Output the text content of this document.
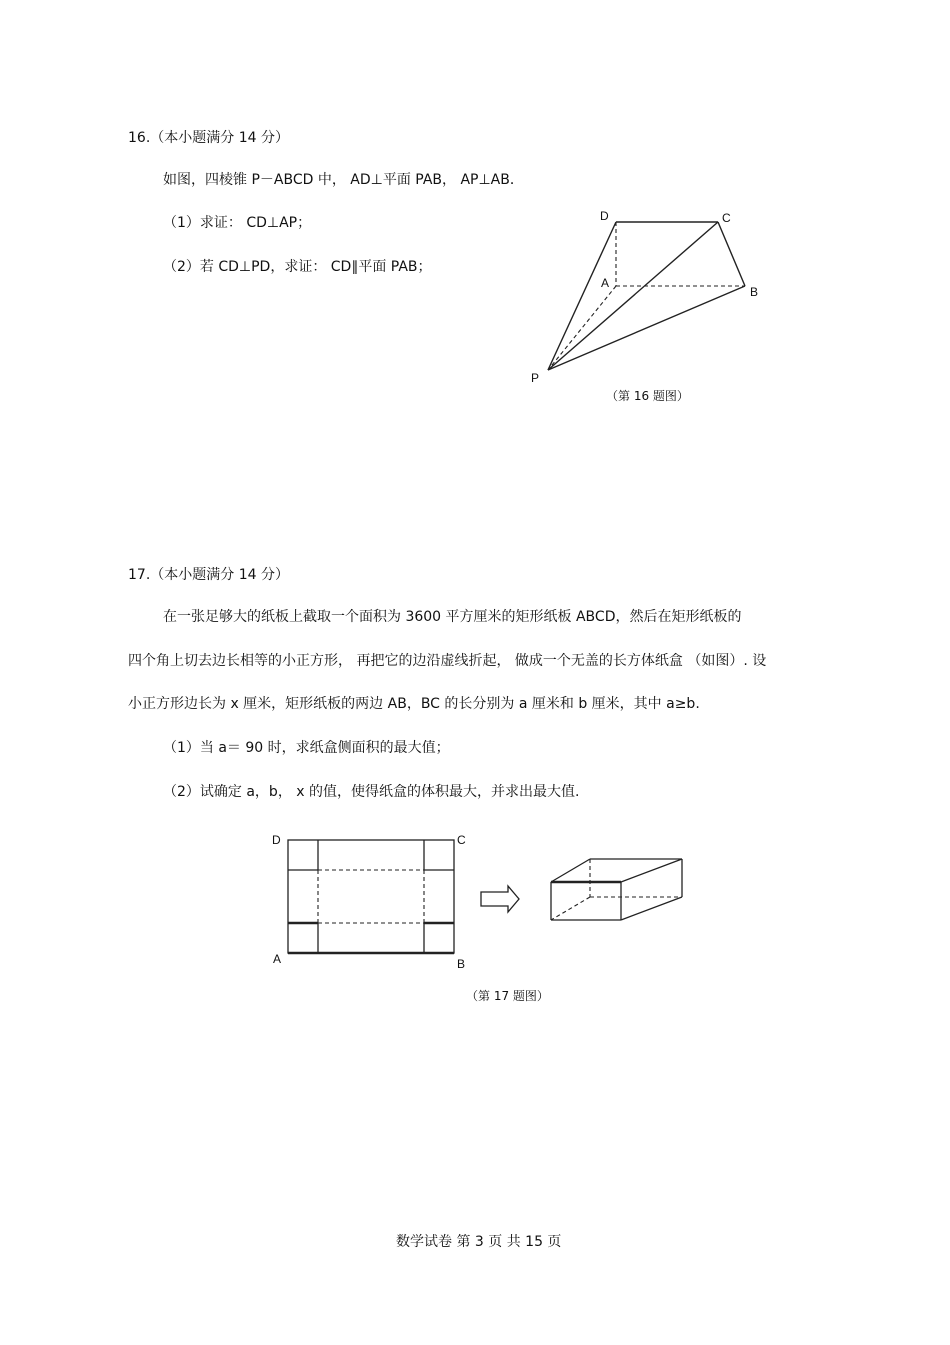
16.（本小题满分 14 分）
如图，四棱锥 P－ABCD 中， AD⊥平面 PAB， AP⊥AB．
（1）求证： CD⊥AP；
（2）若 CD⊥PD，求证： CD∥平面 PAB；
D	C
A
B
P
（第 16 题图）
17.（本小题满分 14 分）
在一张足够大的纸板上截取一个面积为 3600 平方厘米的矩形纸板 ABCD，然后在矩形纸板的
四个角上切去边长相等的小正方形， 再把它的边沿虚线折起， 做成一个无盖的长方体纸盒 （如图）. 设
小正方形边长为 x 厘米，矩形纸板的两边 AB，BC 的长分别为 a 厘米和 b 厘米，其中 a≥b.
（1）当 a＝ 90 时，求纸盒侧面积的最大值；
（2）试确定 a，b， x 的值，使得纸盒的体积最大，并求出最大值.
D	C
A	B
（第 17 题图）
数学试卷 第 3 页 共 15 页
